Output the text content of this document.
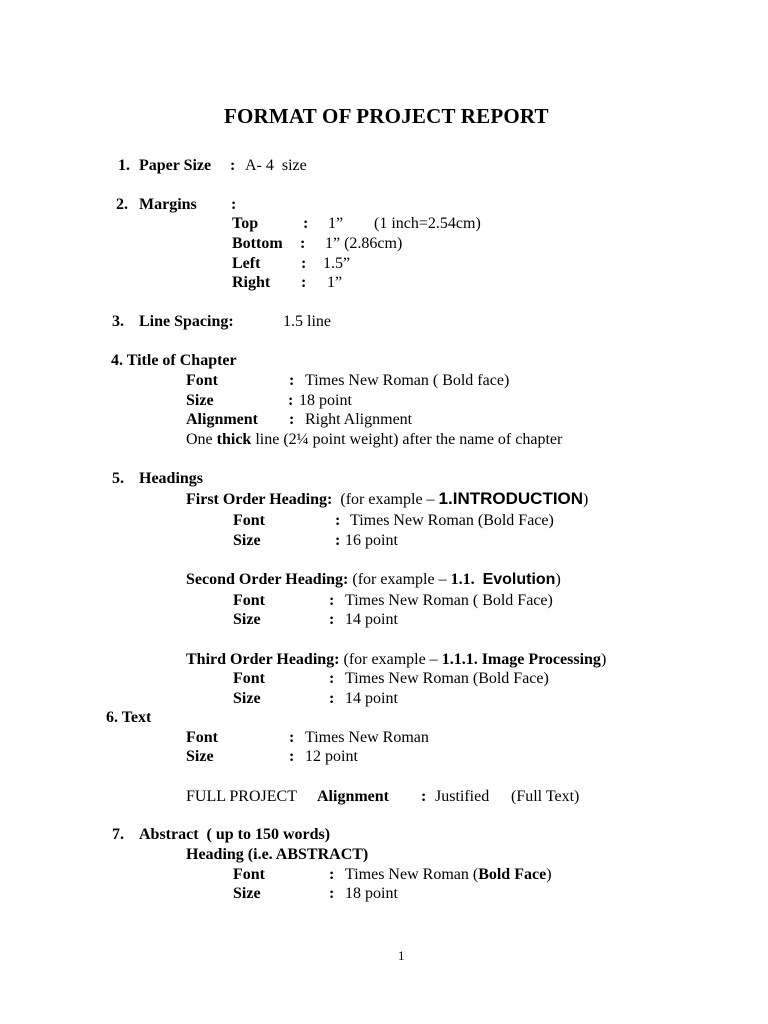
FORMAT OF PROJECT REPORT
1. Paper Size : A- 4  size
2. Margins :
Top	: 1” (1 inch=2.54cm)
Bottom : 1” (2.86cm)
Left	: 1.5”
Right : 1”
3. Line Spacing:	1.5 line
4. Title of Chapter
Font	: Times New Roman ( Bold face)
Size	: 18 point
Alignment : Right Alignment
One thick line (2¼ point weight) after the name of chapter
5. Headings
First Order Heading: (for example – 1.INTRODUCTION)
Font	: Times New Roman (Bold Face)
Size	: 16 point
Second Order Heading: (for example – 1.1. Evolution)
Font	: Times New Roman ( Bold Face)
Size	: 14 point
Third Order Heading: (for example – 1.1.1. Image Processing)
Font	: Times New Roman (Bold Face)
Size	: 14 point
6. Text
Font	: Times New Roman
Size	: 12 point
FULL PROJECT Alignment : Justified (Full Text)
7. Abstract  ( up to 150 words)
Heading (i.e. ABSTRACT)
Font	: Times New Roman (Bold Face)
Size	: 18 point
1
